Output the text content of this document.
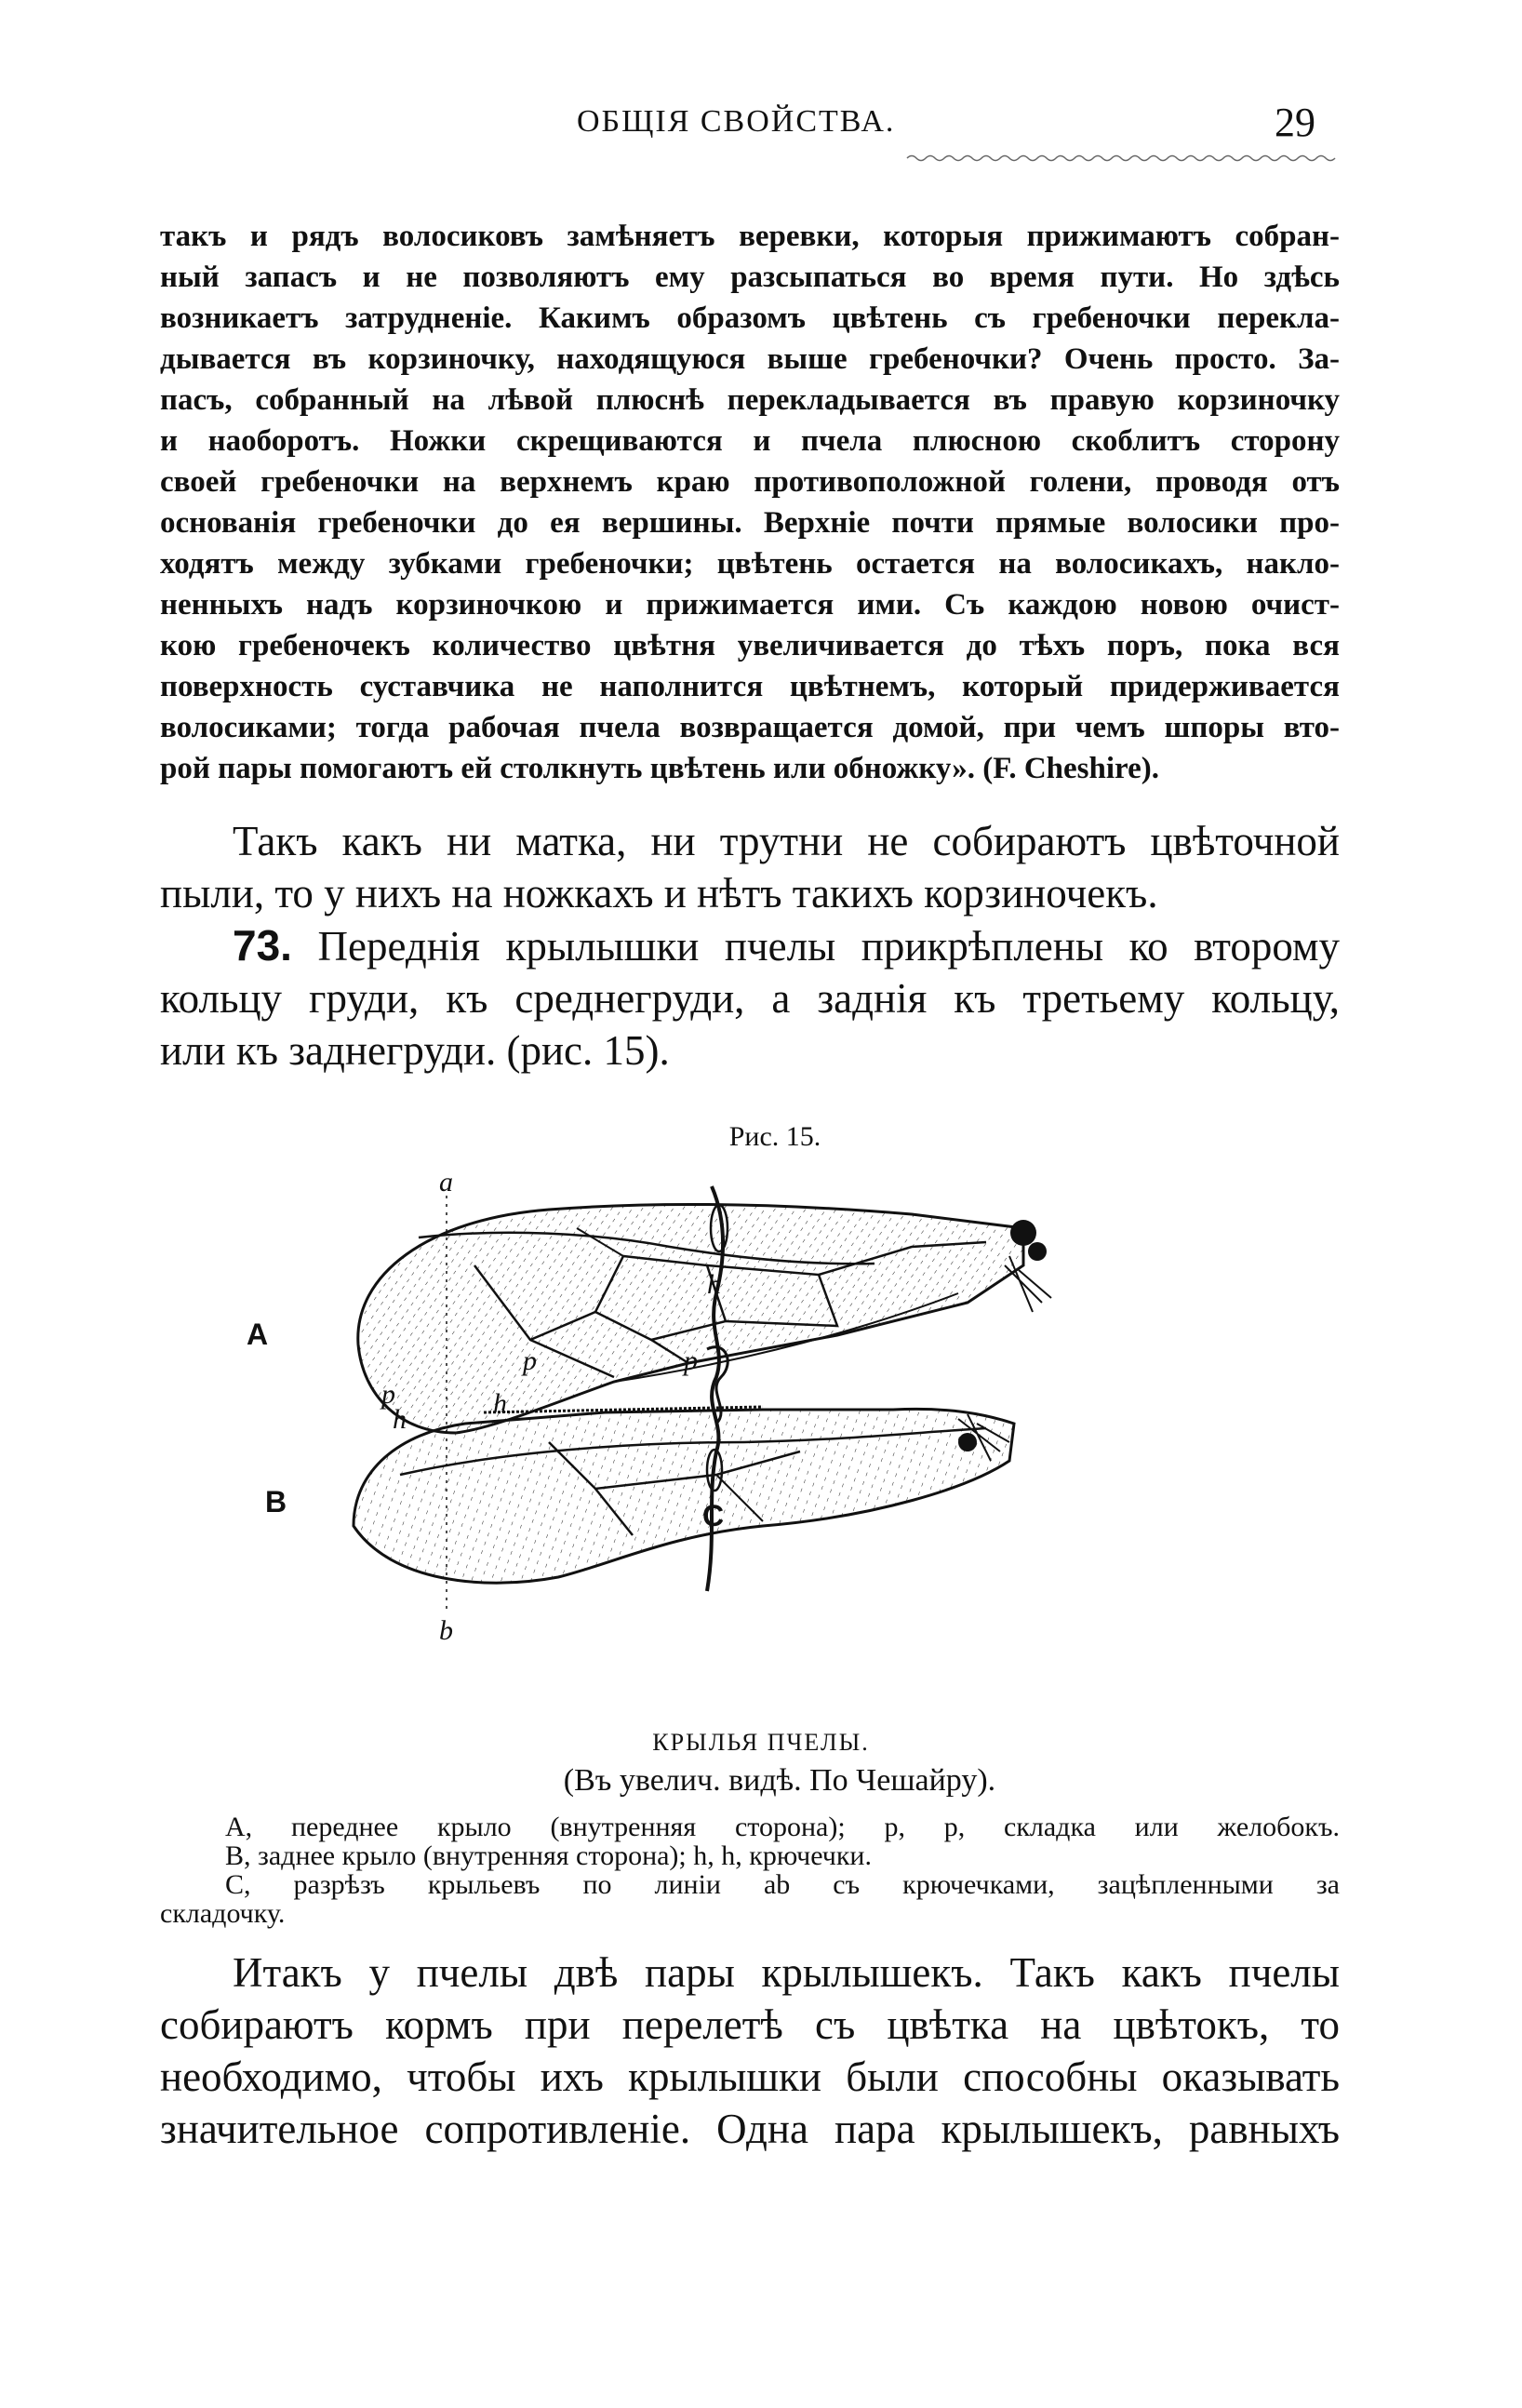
ОБЩІЯ СВОЙСТВА.	29
такъ и рядъ волосиковъ замѣняетъ веревки, которыя прижимаютъ собран-
ный запасъ и не позволяютъ ему разсыпаться во время пути. Но здѣсь
возникаетъ затрудненіе. Какимъ образомъ цвѣтень съ гребеночки перекла-
дывается въ корзиночку, находящуюся выше гребеночки? Очень просто. За-
пасъ, собранный на лѣвой плюснѣ перекладывается въ правую корзиночку
и наоборотъ. Ножки скрещиваются и пчела плюсною скоблитъ сторону
своей гребеночки на верхнемъ краю противоположной голени, проводя отъ
основанія гребеночки до ея вершины. Верхніе почти прямые волосики про-
ходятъ между зубками гребеночки; цвѣтень остается на волосикахъ, накло-
ненныхъ надъ корзиночкою и прижимается ими. Съ каждою новою очист-
кою гребеночекъ количество цвѣтня увеличивается до тѣхъ поръ, пока вся
поверхность суставчика не наполнится цвѣтнемъ, который придерживается
волосиками; тогда рабочая пчела возвращается домой, при чемъ шпоры вто-
рой пары помогаютъ ей столкнуть цвѣтень или обножку». (F. Cheshire).
Такъ какъ ни матка, ни трутни не собираютъ цвѣточной
пыли, то у нихъ на ножкахъ и нѣтъ такихъ корзиночекъ.
73. Переднія крылышки пчелы прикрѣплены ко второму
кольцу груди, къ среднегруди, а заднія къ третьему кольцу,
или къ заднегруди. (рис. 15).
Рис. 15.
a
b
p
p	p
h
h
h
A
B	C
КРЫЛЬЯ ПЧЕЛЫ.
(Въ увелич. видѣ. По Чешайру).
A, переднее крыло (внутренняя сторона); p, p, складка или желобокъ.
B, заднее крыло (внутренняя сторона); h, h, крючечки.
C, разрѣзъ крыльевъ по линіи ab съ крючечками, зацѣпленными за
складочку.
Итакъ у пчелы двѣ пары крылышекъ. Такъ какъ пчелы
собираютъ кормъ при перелетѣ съ цвѣтка на цвѣтокъ, то
необходимо, чтобы ихъ крылышки были способны оказывать
значительное сопротивленіе. Одна пара крылышекъ, равныхъ
